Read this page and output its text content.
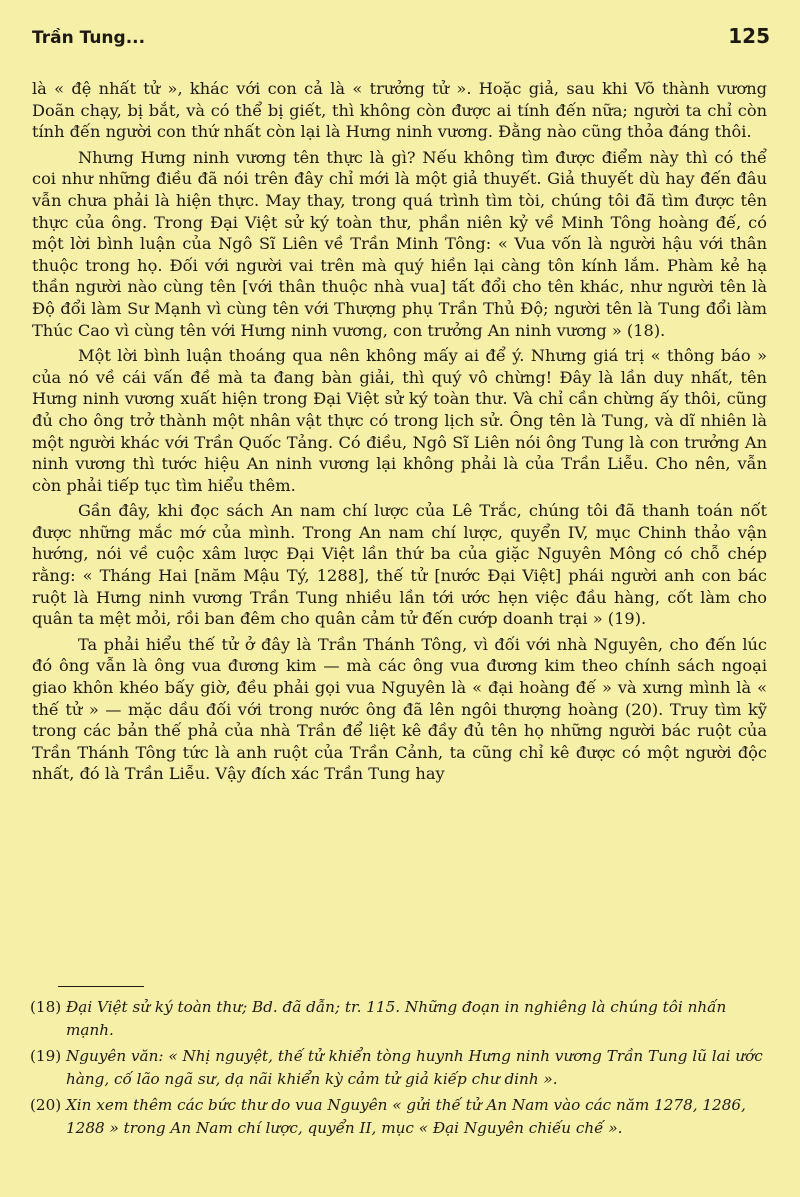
Trần Tung...	125

là « đệ nhất tử », khác với con cả là « trưởng tử ». Hoặc giả, sau khi Võ thành vương Doãn chạy, bị bắt, và có thể bị giết, thì không còn được ai tính đến nữa; người ta chỉ còn tính đến người con thứ nhất còn lại là Hưng ninh vương. Đằng nào cũng thỏa đáng thôi.

Nhưng Hưng ninh vương tên thực là gì? Nếu không tìm được điểm này thì có thể coi như những điều đã nói trên đây chỉ mới là một giả thuyết. Giả thuyết dù hay đến đâu vẫn chưa phải là hiện thực. May thay, trong quá trình tìm tòi, chúng tôi đã tìm được tên thực của ông. Trong Đại Việt sử ký toàn thư, phần niên kỷ về Minh Tông hoàng đế, có một lời bình luận của Ngô Sĩ Liên về Trần Minh Tông: « Vua vốn là người hậu với thân thuộc trong họ. Đối với người vai trên mà quý hiền lại càng tôn kính lắm. Phàm kẻ hạ thần người nào cùng tên [với thân thuộc nhà vua] tất đổi cho tên khác, như người tên là Độ đổi làm Sư Mạnh vì cùng tên với Thượng phụ Trần Thủ Độ; người tên là Tung đổi làm Thúc Cao vì cùng tên với Hưng ninh vương, con trưởng An ninh vương » (18).

Một lời bình luận thoáng qua nên không mấy ai để ý. Nhưng giá trị « thông báo » của nó về cái vấn đề mà ta đang bàn giải, thì quý vô chừng! Đây là lần duy nhất, tên Hưng ninh vương xuất hiện trong Đại Việt sử ký toàn thư. Và chỉ cần chừng ấy thôi, cũng đủ cho ông trở thành một nhân vật thực có trong lịch sử. Ông tên là Tung, và dĩ nhiên là một người khác với Trần Quốc Tảng. Có điều, Ngô Sĩ Liên nói ông Tung là con trưởng An ninh vương thì tước hiệu An ninh vương lại không phải là của Trần Liễu. Cho nên, vẫn còn phải tiếp tục tìm hiểu thêm.

Gần đây, khi đọc sách An nam chí lược của Lê Trắc, chúng tôi đã thanh toán nốt được những mắc mớ của mình. Trong An nam chí lược, quyển IV, mục Chinh thảo vận hướng, nói về cuộc xâm lược Đại Việt lần thứ ba của giặc Nguyên Mông có chỗ chép rằng: « Tháng Hai [năm Mậu Tý, 1288], thế tử [nước Đại Việt] phái người anh con bác ruột là Hưng ninh vương Trần Tung nhiều lần tới ước hẹn việc đầu hàng, cốt làm cho quân ta mệt mỏi, rồi ban đêm cho quân cảm tử đến cướp doanh trại » (19).

Ta phải hiểu thế tử ở đây là Trần Thánh Tông, vì đối với nhà Nguyên, cho đến lúc đó ông vẫn là ông vua đương kim — mà các ông vua đương kim theo chính sách ngoại giao khôn khéo bấy giờ, đều phải gọi vua Nguyên là « đại hoàng đế » và xưng mình là « thế tử » — mặc dầu đối với trong nước ông đã lên ngôi thượng hoàng (20). Truy tìm kỹ trong các bản thế phả của nhà Trần để liệt kê đầy đủ tên họ những người bác ruột của Trần Thánh Tông tức là anh ruột của Trần Cảnh, ta cũng chỉ kê được có một người độc nhất, đó là Trần Liễu. Vậy đích xác Trần Tung hay

(18) Đại Việt sử ký toàn thư; Bd. đã dẫn; tr. 115. Những đoạn in nghiêng là chúng tôi nhấn mạnh.
(19) Nguyên văn: « Nhị nguyệt, thế tử khiển tòng huynh Hưng ninh vương Trần Tung lũ lai ước hàng, cố lão ngã sư, dạ nãi khiển kỳ cảm tử giả kiếp chư dinh ».
(20) Xin xem thêm các bức thư do vua Nguyên « gửi thế tử An Nam vào các năm 1278, 1286, 1288 » trong An Nam chí lược, quyển II, mục « Đại Nguyên chiếu chế ».
